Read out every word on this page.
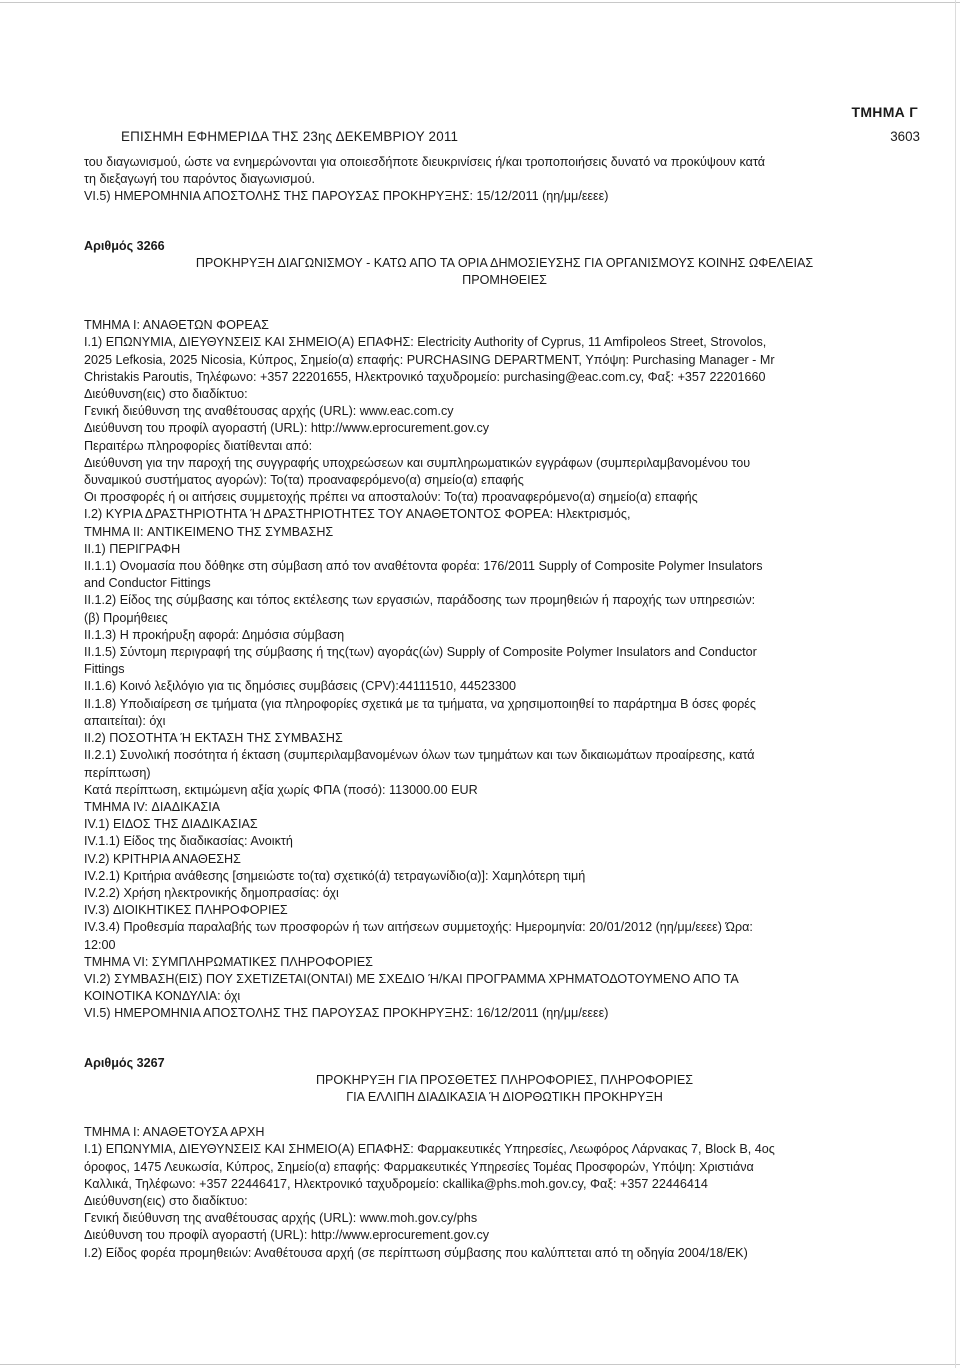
ΤΜΗΜΑ Γ
ΕΠΙΣΗΜΗ ΕΦΗΜΕΡΙΔΑ ΤΗΣ 23ης ΔΕΚΕΜΒΡΙΟΥ 2011	3603

του διαγωνισμού, ώστε να ενημερώνονται για οποιεσδήποτε διευκρινίσεις ή/και τροποποιήσεις δυνατό να προκύψουν κατά

τη διεξαγωγή του παρόντος διαγωνισμού.

VI.5) ΗΜΕΡΟΜΗΝΙΑ ΑΠΟΣΤΟΛΗΣ ΤΗΣ ΠΑΡΟΥΣΑΣ ΠΡΟΚΗΡΥΞΗΣ: 15/12/2011 (ηη/μμ/εεεε)

Αριθμός 3266

ΠΡΟΚΗΡΥΞΗ ΔΙΑΓΩΝΙΣΜΟΥ - ΚΑΤΩ ΑΠΟ ΤΑ ΟΡΙΑ ΔΗΜΟΣΙΕΥΣΗΣ ΓΙΑ ΟΡΓΑΝΙΣΜΟΥΣ ΚΟΙΝΗΣ ΩΦΕΛΕΙΑΣ

ΠΡΟΜΗΘΕΙΕΣ

ΤΜΗΜΑ Ι: ΑΝΑΘΕΤΩΝ ΦΟΡΕΑΣ

I.1) ΕΠΩΝΥΜΙΑ, ΔΙΕΥΘΥΝΣΕΙΣ ΚΑΙ ΣΗΜΕΙΟ(Α) ΕΠΑΦΗΣ: Electricity Authority of Cyprus, 11 Amfipoleos Street, Strovolos,

2025 Lefkosia, 2025 Nicosia, Κύπρος, Σημείο(α) επαφής: PURCHASING DEPARTMENT, Υπόψη: Purchasing Manager - Mr

Christakis Paroutis, Τηλέφωνο: +357 22201655, Ηλεκτρονικό ταχυδρομείο: purchasing@eac.com.cy, Φαξ: +357 22201660

Διεύθυνση(εις) στο διαδίκτυο:

Γενική διεύθυνση της αναθέτουσας αρχής (URL): www.eac.com.cy

Διεύθυνση του προφίλ αγοραστή (URL): http://www.eprocurement.gov.cy

Περαιτέρω πληροφορίες διατίθενται από:

Διεύθυνση για την παροχή της συγγραφής υποχρεώσεων και συμπληρωματικών εγγράφων (συμπεριλαμβανομένου του

δυναμικού συστήματος αγορών): Το(τα) προαναφερόμενο(α) σημείο(α) επαφής

Οι προσφορές ή οι αιτήσεις συμμετοχής πρέπει να αποσταλούν: Το(τα) προαναφερόμενο(α) σημείο(α) επαφής

I.2) ΚΥΡΙΑ ΔΡΑΣΤΗΡΙΟΤΗΤΑ Ή ΔΡΑΣΤΗΡΙΟΤΗΤΕΣ ΤΟΥ ΑΝΑΘΕΤΟΝΤΟΣ ΦΟΡΕΑ: Ηλεκτρισμός,

ΤΜΗΜΑ II: ΑΝΤΙΚΕΙΜΕΝΟ ΤΗΣ ΣΥΜΒΑΣΗΣ

II.1) ΠΕΡΙΓΡΑΦΗ

II.1.1) Ονομασία που δόθηκε στη σύμβαση από τον αναθέτοντα φορέα: 176/2011 Supply of Composite Polymer Insulators

and Conductor Fittings

II.1.2) Είδος της σύμβασης και τόπος εκτέλεσης των εργασιών, παράδοσης των προμηθειών ή παροχής των υπηρεσιών:

(β) Προμήθειες

II.1.3) Η προκήρυξη αφορά: Δημόσια σύμβαση

II.1.5) Σύντομη περιγραφή της σύμβασης ή της(των) αγοράς(ών) Supply of Composite Polymer Insulators and Conductor

Fittings

II.1.6) Κοινό λεξιλόγιο για τις δημόσιες συμβάσεις (CPV):44111510, 44523300

II.1.8) Υποδιαίρεση σε τμήματα (για πληροφορίες σχετικά με τα τμήματα, να χρησιμοποιηθεί το παράρτημα Β όσες φορές

απαιτείται): όχι

II.2) ΠΟΣΟΤΗΤΑ Ή ΕΚΤΑΣΗ ΤΗΣ ΣΥΜΒΑΣΗΣ

II.2.1) Συνολική ποσότητα ή έκταση (συμπεριλαμβανομένων όλων των τμημάτων και των δικαιωμάτων προαίρεσης, κατά

περίπτωση)

Κατά περίπτωση, εκτιμώμενη αξία χωρίς ΦΠΑ (ποσό): 113000.00 EUR

ΤΜΗΜΑ IV: ΔΙΑΔΙΚΑΣΙΑ

IV.1) ΕΙΔΟΣ ΤΗΣ ΔΙΑΔΙΚΑΣΙΑΣ

IV.1.1) Είδος της διαδικασίας: Ανοικτή

IV.2) ΚΡΙΤΗΡΙΑ ΑΝΑΘΕΣΗΣ

IV.2.1) Κριτήρια ανάθεσης [σημειώστε το(τα) σχετικό(ά) τετραγωνίδιο(α)]: Χαμηλότερη τιμή

IV.2.2) Χρήση ηλεκτρονικής δημοπρασίας: όχι

IV.3) ΔΙΟΙΚΗΤΙΚΕΣ ΠΛΗΡΟΦΟΡΙΕΣ

IV.3.4) Προθεσμία παραλαβής των προσφορών ή των αιτήσεων συμμετοχής: Ημερομηνία: 20/01/2012 (ηη/μμ/εεεε) Ώρα:

12:00

ΤΜΗΜΑ VI: ΣΥΜΠΛΗΡΩΜΑΤΙΚΕΣ ΠΛΗΡΟΦΟΡΙΕΣ

VI.2) ΣΥΜΒΑΣΗ(ΕΙΣ) ΠΟΥ ΣΧΕΤΙΖΕΤΑΙ(ΟΝΤΑΙ) ΜΕ ΣΧΕΔΙΟ Ή/ΚΑΙ ΠΡΟΓΡΑΜΜΑ ΧΡΗΜΑΤΟΔΟΤΟΥΜΕΝΟ ΑΠΟ ΤΑ

ΚΟΙΝΟΤΙΚΑ ΚΟΝΔΥΛΙΑ: όχι

VI.5) ΗΜΕΡΟΜΗΝΙΑ ΑΠΟΣΤΟΛΗΣ ΤΗΣ ΠΑΡΟΥΣΑΣ ΠΡΟΚΗΡΥΞΗΣ: 16/12/2011 (ηη/μμ/εεεε)

Αριθμός 3267

ΠΡΟΚΗΡΥΞΗ ΓΙΑ ΠΡΟΣΘΕΤΕΣ ΠΛΗΡΟΦΟΡΙΕΣ, ΠΛΗΡΟΦΟΡΙΕΣ

ΓΙΑ ΕΛΛΙΠΗ ΔΙΑΔΙΚΑΣΙΑ Ή ΔΙΟΡΘΩΤΙΚΗ ΠΡΟΚΗΡΥΞΗ

ΤΜΗΜΑ Ι: ΑΝΑΘΕΤΟΥΣΑ ΑΡΧΗ

I.1) ΕΠΩΝΥΜΙΑ, ΔΙΕΥΘΥΝΣΕΙΣ ΚΑΙ ΣΗΜΕΙΟ(Α) ΕΠΑΦΗΣ: Φαρμακευτικές Υπηρεσίες, Λεωφόρος Λάρνακας 7, Block B, 4ος

όροφος, 1475 Λευκωσία, Κύπρος, Σημείο(α) επαφής: Φαρμακευτικές Υπηρεσίες Τομέας Προσφορών, Υπόψη: Χριστιάνα

Καλλικά, Τηλέφωνο: +357 22446417, Ηλεκτρονικό ταχυδρομείο: ckallika@phs.moh.gov.cy, Φαξ: +357 22446414

Διεύθυνση(εις) στο διαδίκτυο:

Γενική διεύθυνση της αναθέτουσας αρχής (URL): www.moh.gov.cy/phs

Διεύθυνση του προφίλ αγοραστή (URL): http://www.eprocurement.gov.cy

I.2) Είδος φορέα προμηθειών: Αναθέτουσα αρχή (σε περίπτωση σύμβασης που καλύπτεται από τη οδηγία 2004/18/ΕΚ)
